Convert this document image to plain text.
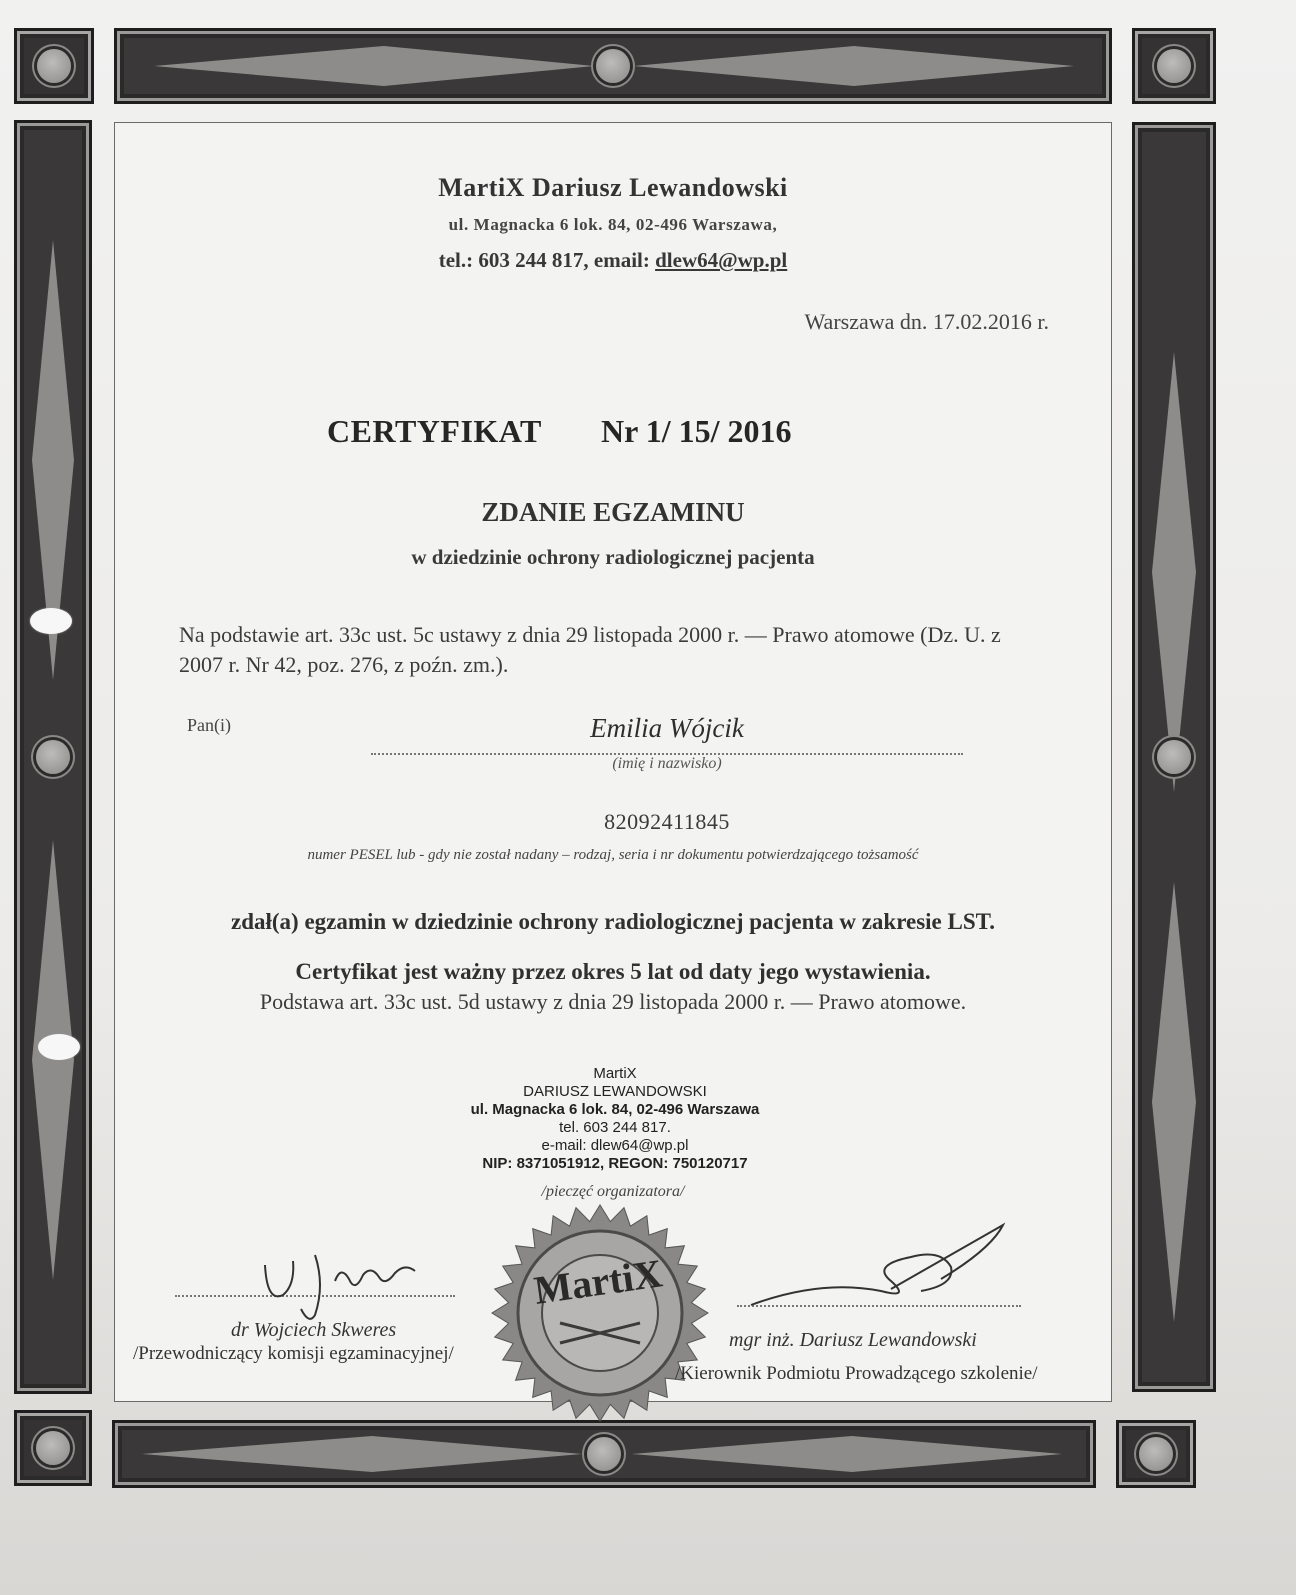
MartiX Dariusz Lewandowski
ul. Magnacka 6 lok. 84, 02-496 Warszawa,
tel.: 603 244 817, email: dlew64@wp.pl
Warszawa dn. 17.02.2016 r.
CERTYFIKAT Nr 1/ 15/ 2016
ZDANIE EGZAMINU
w dziedzinie ochrony radiologicznej pacjenta
Na podstawie art. 33c ust. 5c ustawy z dnia 29 listopada 2000 r. — Prawo atomowe (Dz. U. z 2007 r. Nr 42, poz. 276, z poźn. zm.).
Pan(i)	Emilia Wójcik
(imię i nazwisko)
82092411845
numer PESEL lub - gdy nie został nadany – rodzaj, seria i nr dokumentu potwierdzającego tożsamość
zdał(a) egzamin w dziedzinie ochrony radiologicznej pacjenta w zakresie LST.
Certyfikat jest ważny przez okres 5 lat od daty jego wystawienia.
Podstawa art. 33c ust. 5d ustawy z dnia 29 listopada 2000 r. — Prawo atomowe.
MartiX
DARIUSZ LEWANDOWSKI
ul. Magnacka 6 lok. 84, 02-496 Warszawa
tel. 603 244 817.
e-mail: dlew64@wp.pl
NIP: 8371051912, REGON: 750120717
/pieczęć organizatora/
MartiX
dr Wojciech Skweres
/Przewodniczący komisji egzaminacyjnej/
mgr inż. Dariusz Lewandowski
/Kierownik Podmiotu Prowadzącego szkolenie/
